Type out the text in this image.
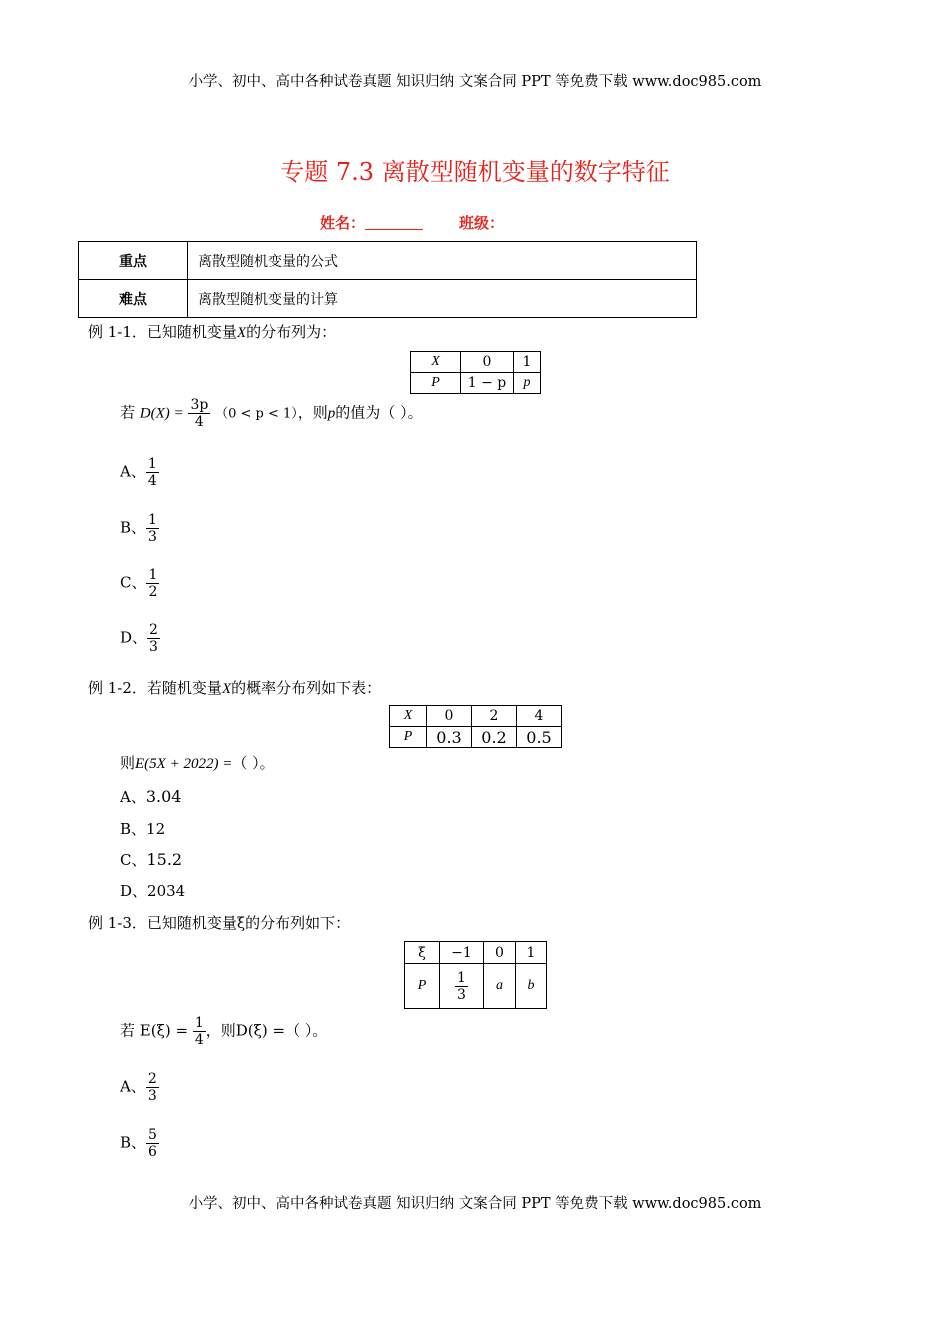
小学、初中、高中各种试卷真题 知识归纳 文案合同 PPT 等免费下载 www.doc985.com
专题 7.3 离散型随机变量的数字特征
姓名：	班级：
重点	离散型随机变量的公式
难点	离散型随机变量的计算
例 1-1．已知随机变量X的分布列为：
X	0	1
P	1 − p	p
若 $D(X) = \frac{3p}{4} (0 < p < 1)$，则p的值为（ ）。
A、 $\frac{1}{4}$
B、 $\frac{1}{3}$
C、 $\frac{1}{2}$
D、 $\frac{2}{3}$
例 1-2．若随机变量X的概率分布列如下表：
X	0	2	4
P	0.3	0.2	0.5
则E(5X + 2022) =（ ）。
A、3.04
B、12
C、15.2
D、2034
例 1-3．已知随机变量ξ的分布列如下：
ξ	−1	0	1
P	$\frac{1}{3}$	a	b
若 $E(\xi) = \frac{1}{4}$ ，则D(ξ) =（ ）。
A、 $\frac{2}{3}$
B、 $\frac{5}{6}$
小学、初中、高中各种试卷真题 知识归纳 文案合同 PPT 等免费下载 www.doc985.com
